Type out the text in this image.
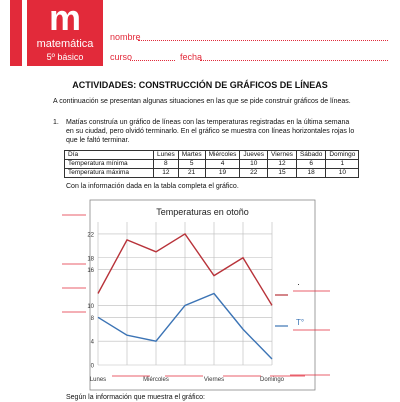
m
matemática
5º básico
nombre
curso	fecha
ACTIVIDADES: CONSTRUCCIÓN DE GRÁFICOS DE LÍNEAS
A continuación se presentan algunas situaciones en las que se pide construir gráficos de líneas.
1. Matías construía un gráfico de líneas con las temperaturas registradas en la última semana en su ciudad, pero olvidó terminarlo. En el gráfico se muestra con líneas horizontales rojas lo que le faltó terminar.
Día	Lunes	Martes	Miércoles	Jueves	Viernes	Sábado	Domingo
Temperatura mínima	8	5	4	10	12	6	1
Temperatura máxima	12	21	19	22	15	18	10
Con la información dada en la tabla completa el gráfico.
Temperaturas en otoño
0
4
8
10
16
18
22
Lunes	Miércoles	Viernes	Domingo
·
T°
Según la información que muestra el gráfico:
